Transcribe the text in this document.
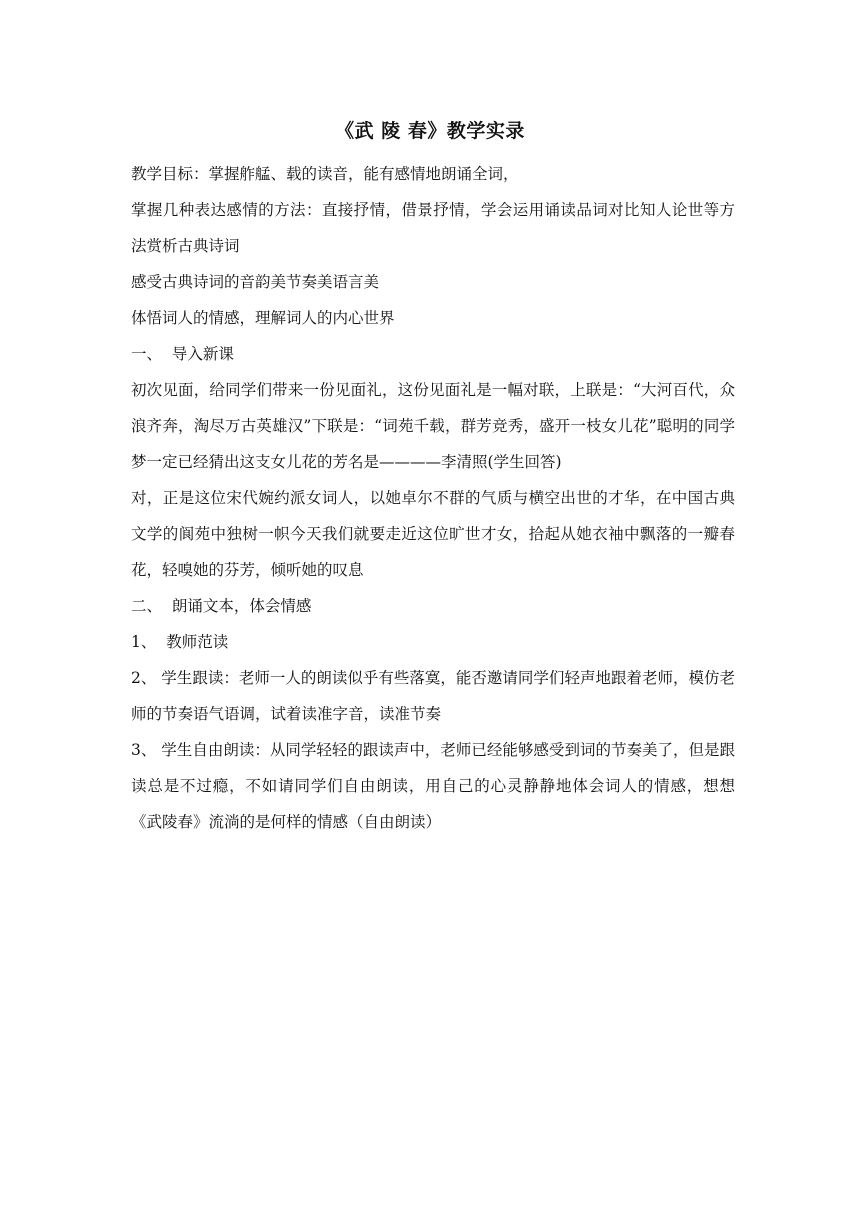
《武 陵 春》教学实录

教学目标：掌握舴艋、载的读音，能有感情地朗诵全词，

掌握几种表达感情的方法：直接抒情，借景抒情，学会运用诵读品词对比知人论世等方法赏析古典诗词

感受古典诗词的音韵美节奏美语言美

体悟词人的情感，理解词人的内心世界

一、  导入新课

初次见面，给同学们带来一份见面礼，这份见面礼是一幅对联，上联是：“大河百代，众浪齐奔，淘尽万古英雄汉”下联是：“词苑千载，群芳竞秀，盛开一枝女儿花”聪明的同学梦一定已经猜出这支女儿花的芳名是————李清照(学生回答)

对，正是这位宋代婉约派女词人，以她卓尔不群的气质与横空出世的才华，在中国古典文学的阆苑中独树一帜今天我们就要走近这位旷世才女，拾起从她衣袖中飘落的一瓣春花，轻嗅她的芬芳，倾听她的叹息

二、  朗诵文本，体会情感

1、  教师范读

2、 学生跟读：老师一人的朗读似乎有些落寞，能否邀请同学们轻声地跟着老师，模仿老师的节奏语气语调，试着读准字音，读准节奏

3、 学生自由朗读：从同学轻轻的跟读声中，老师已经能够感受到词的节奏美了，但是跟读总是不过瘾，不如请同学们自由朗读，用自己的心灵静静地体会词人的情感，想想《武陵春》流淌的是何样的情感（自由朗读）
